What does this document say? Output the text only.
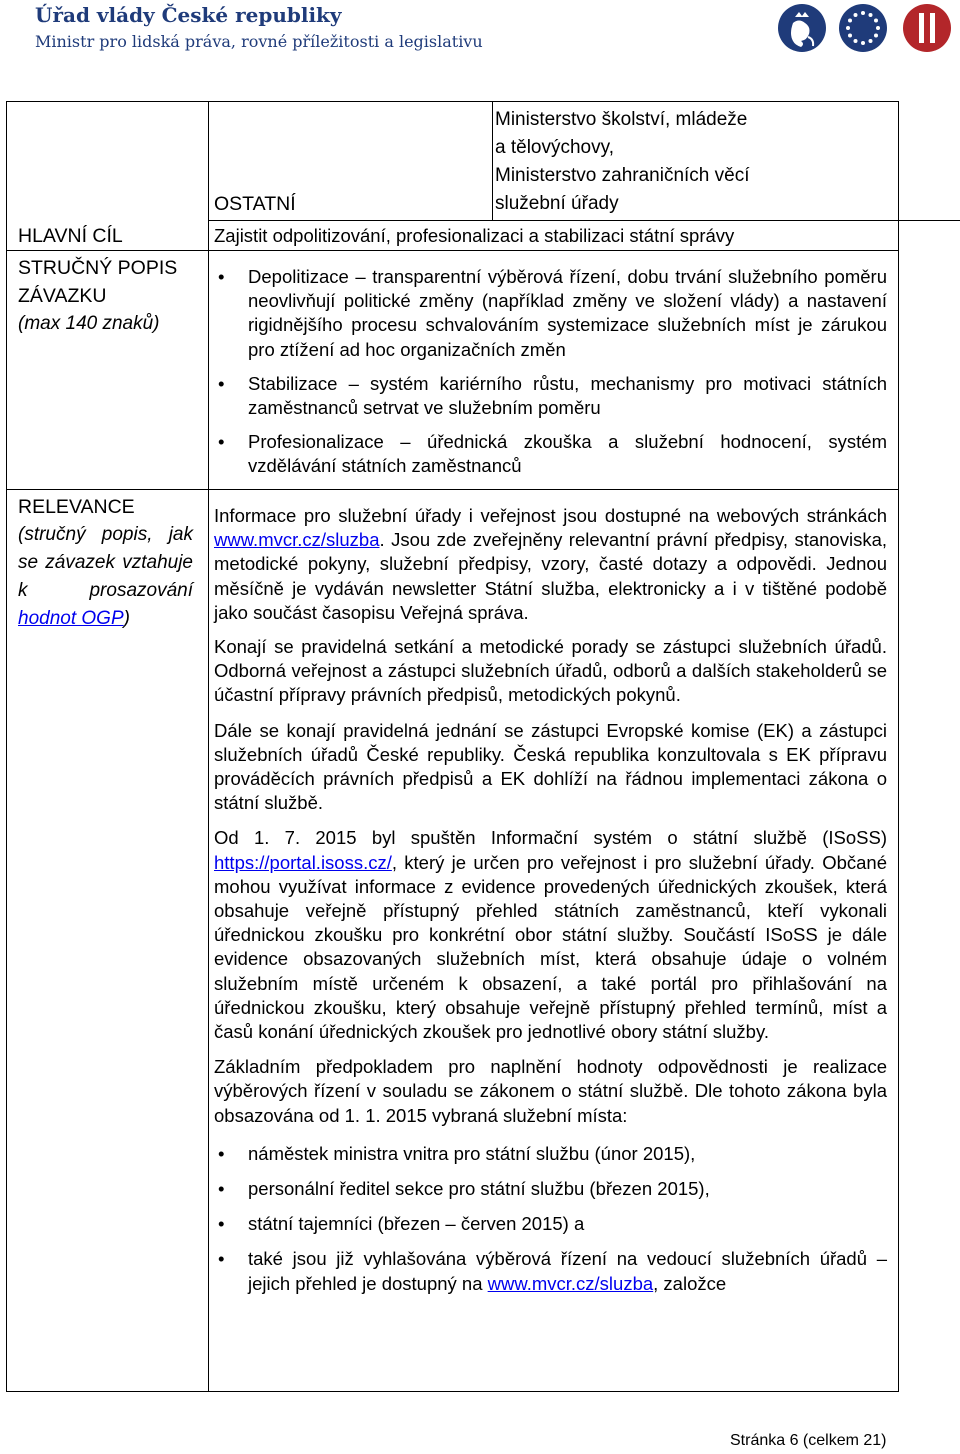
Úřad vlády České republiky
Ministr pro lidská práva, rovné příležitosti a legislativu
Ministerstvo školství, mládeže
a tělovýchovy,
Ministerstvo zahraničních věcí
služební úřady
OSTATNÍ
HLAVNÍ CÍL	Zajistit odpolitizování, profesionalizaci a stabilizaci státní správy
STRUČNÝ POPIS
ZÁVAZKU
(max 140 znaků)
• Depolitizace – transparentní výběrová řízení, dobu trvání služebního poměru neovlivňují politické změny (například změny ve složení vlády) a nastavení rigidnějšího procesu schvalováním systemizace služebních míst je zárukou pro ztížení ad hoc organizačních změn
• Stabilizace – systém kariérního růstu, mechanismy pro motivaci státních zaměstnanců setrvat ve služebním poměru
• Profesionalizace – úřednická zkouška a služební hodnocení, systém vzdělávání státních zaměstnanců
RELEVANCE
(stručný popis, jak se závazek vztahuje k prosazování hodnot OGP)

Informace pro služební úřady i veřejnost jsou dostupné na webových stránkách www.mvcr.cz/sluzba. Jsou zde zveřejněny relevantní právní předpisy, stanoviska, metodické pokyny, služební předpisy, vzory, časté dotazy a odpovědi. Jednou měsíčně je vydáván newsletter Státní služba, elektronicky a i v tištěné podobě jako součást časopisu Veřejná správa.

Konají se pravidelná setkání a metodické porady se zástupci služebních úřadů. Odborná veřejnost a zástupci služebních úřadů, odborů a dalších stakeholderů se účastní přípravy právních předpisů, metodických pokynů.

Dále se konají pravidelná jednání se zástupci Evropské komise (EK) a zástupci služebních úřadů České republiky. Česká republika konzultovala s EK přípravu prováděcích právních předpisů a EK dohlíží na řádnou implementaci zákona o státní službě.

Od 1. 7. 2015 byl spuštěn Informační systém o státní službě (ISoSS) https://portal.isoss.cz/, který je určen pro veřejnost i pro služební úřady. Občané mohou využívat informace z evidence provedených úřednických zkoušek, která obsahuje veřejně přístupný přehled státních zaměstnanců, kteří vykonali úřednickou zkoušku pro konkrétní obor státní služby. Součástí ISoSS je dále evidence obsazovaných služebních míst, která obsahuje údaje o volném služebním místě určeném k obsazení, a také portál pro přihlašování na úřednickou zkoušku, který obsahuje veřejně přístupný přehled termínů, míst a časů konání úřednických zkoušek pro jednotlivé obory státní služby.

Základním předpokladem pro naplnění hodnoty odpovědnosti je realizace výběrových řízení v souladu se zákonem o státní službě. Dle tohoto zákona byla obsazována od 1. 1. 2015 vybraná služební místa:

• náměstek ministra vnitra pro státní službu (únor 2015),
• personální ředitel sekce pro státní službu (březen 2015),
• státní tajemníci (březen – červen 2015) a
• také jsou již vyhlašována výběrová řízení na vedoucí služebních úřadů – jejich přehled je dostupný na www.mvcr.cz/sluzba, založce
Stránka 6 (celkem 21)
